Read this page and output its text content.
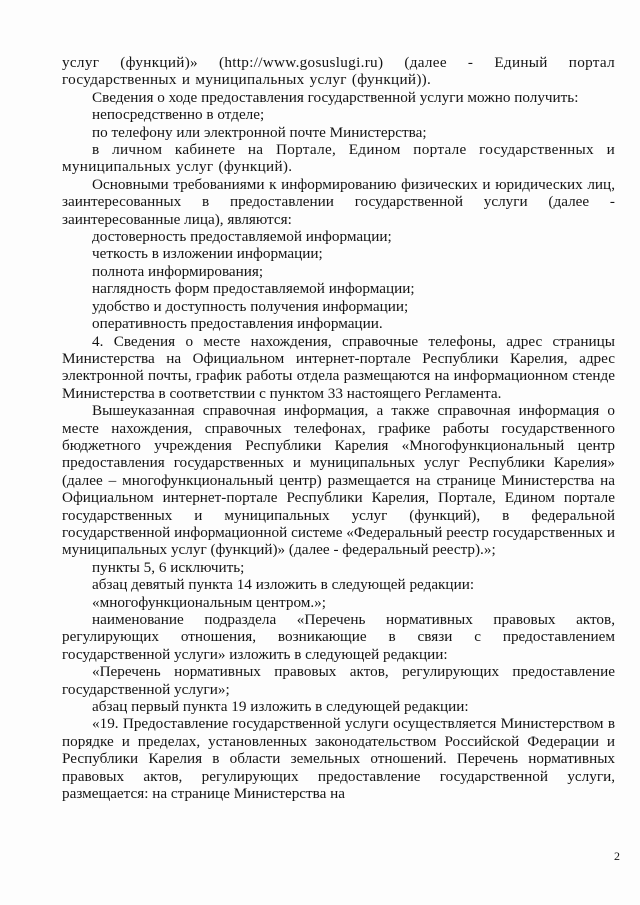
услуг (функций)» (http://www.gosuslugi.ru) (далее - Единый портал государственных и муниципальных услуг (функций)).

Сведения о ходе предоставления государственной услуги можно получить:

непосредственно в отделе;

по телефону или электронной почте Министерства;

в личном кабинете на Портале, Едином портале государственных и муниципальных услуг (функций).

Основными требованиями к информированию физических и юридических лиц, заинтересованных в предоставлении государственной услуги (далее - заинтересованные лица), являются:

достоверность предоставляемой информации;

четкость в изложении информации;

полнота информирования;

наглядность форм предоставляемой информации;

удобство и доступность получения информации;

оперативность предоставления информации.

4. Сведения о месте нахождения, справочные телефоны, адрес страницы Министерства на Официальном интернет-портале Республики Карелия, адрес электронной почты, график работы отдела размещаются на информационном стенде Министерства в соответствии с пунктом 33 настоящего Регламента.

Вышеуказанная справочная информация, а также справочная информация о месте нахождения, справочных телефонах, графике работы государственного бюджетного учреждения Республики Карелия «Многофункциональный центр предоставления государственных и муниципальных услуг Республики Карелия» (далее – многофункциональный центр) размещается на странице Министерства на Официальном интернет-портале Республики Карелия, Портале, Едином портале государственных и муниципальных услуг (функций), в федеральной государственной информационной системе «Федеральный реестр государственных и муниципальных услуг (функций)» (далее - федеральный реестр).»;

пункты 5, 6 исключить;

абзац девятый пункта 14 изложить в следующей редакции:

«многофункциональным центром.»;

наименование подраздела «Перечень нормативных правовых актов, регулирующих отношения, возникающие в связи с предоставлением государственной услуги» изложить в следующей редакции:

«Перечень нормативных правовых актов, регулирующих предоставление государственной услуги»;

абзац первый пункта 19 изложить в следующей редакции:

«19. Предоставление государственной услуги осуществляется Министерством в порядке и пределах, установленных законодательством Российской Федерации и Республики Карелия в области земельных отношений. Перечень нормативных правовых актов, регулирующих предоставление государственной услуги, размещается: на странице Министерства на

2
